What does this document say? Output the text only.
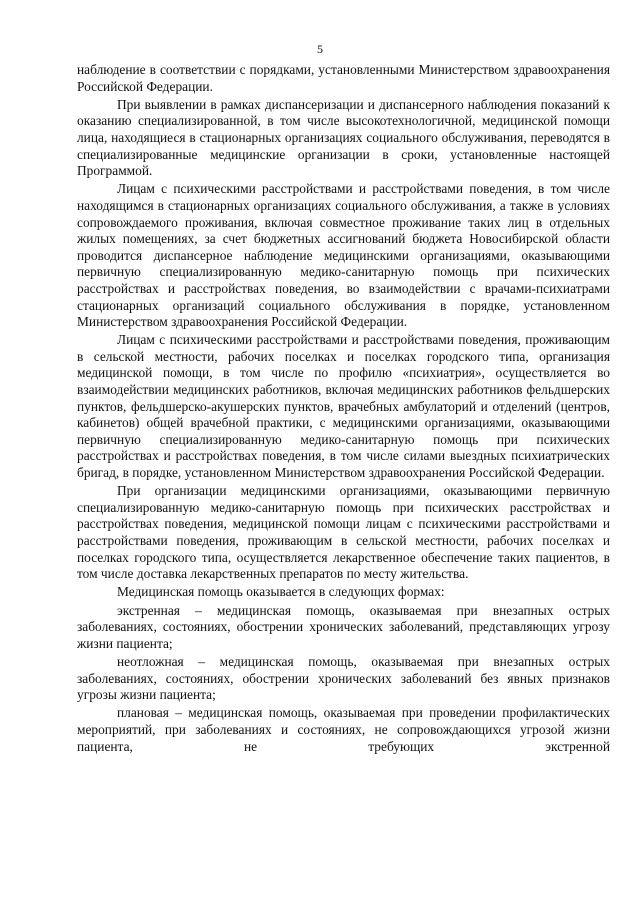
5

наблюдение в соответствии с порядками, установленными Министерством здравоохранения Российской Федерации.

При выявлении в рамках диспансеризации и диспансерного наблюдения показаний к оказанию специализированной, в том числе высокотехнологичной, медицинской помощи лица, находящиеся в стационарных организациях социального обслуживания, переводятся в специализированные медицинские организации в сроки, установленные настоящей Программой.

Лицам с психическими расстройствами и расстройствами поведения, в том числе находящимся в стационарных организациях социального обслуживания, а также в условиях сопровождаемого проживания, включая совместное проживание таких лиц в отдельных жилых помещениях, за счет бюджетных ассигнований бюджета Новосибирской области проводится диспансерное наблюдение медицинскими организациями, оказывающими первичную специализированную медико-санитарную помощь при психических расстройствах и расстройствах поведения, во взаимодействии с врачами-психиатрами стационарных организаций социального обслуживания в порядке, установленном Министерством здравоохранения Российской Федерации.

Лицам с психическими расстройствами и расстройствами поведения, проживающим в сельской местности, рабочих поселках и поселках городского типа, организация медицинской помощи, в том числе по профилю «психиатрия», осуществляется во взаимодействии медицинских работников, включая медицинских работников фельдшерских пунктов, фельдшерско-акушерских пунктов, врачебных амбулаторий и отделений (центров, кабинетов) общей врачебной практики, с медицинскими организациями, оказывающими первичную специализированную медико-санитарную помощь при психических расстройствах и расстройствах поведения, в том числе силами выездных психиатрических бригад, в порядке, установленном Министерством здравоохранения Российской Федерации.

При организации медицинскими организациями, оказывающими первичную специализированную медико-санитарную помощь при психических расстройствах и расстройствах поведения, медицинской помощи лицам с психическими расстройствами и расстройствами поведения, проживающим в сельской местности, рабочих поселках и поселках городского типа, осуществляется лекарственное обеспечение таких пациентов, в том числе доставка лекарственных препаратов по месту жительства.

Медицинская помощь оказывается в следующих формах:

экстренная – медицинская помощь, оказываемая при внезапных острых заболеваниях, состояниях, обострении хронических заболеваний, представляющих угрозу жизни пациента;

неотложная – медицинская помощь, оказываемая при внезапных острых заболеваниях, состояниях, обострении хронических заболеваний без явных признаков угрозы жизни пациента;

плановая – медицинская помощь, оказываемая при проведении профилактических мероприятий, при заболеваниях и состояниях, не сопровождающихся угрозой жизни пациента, не требующих экстренной
